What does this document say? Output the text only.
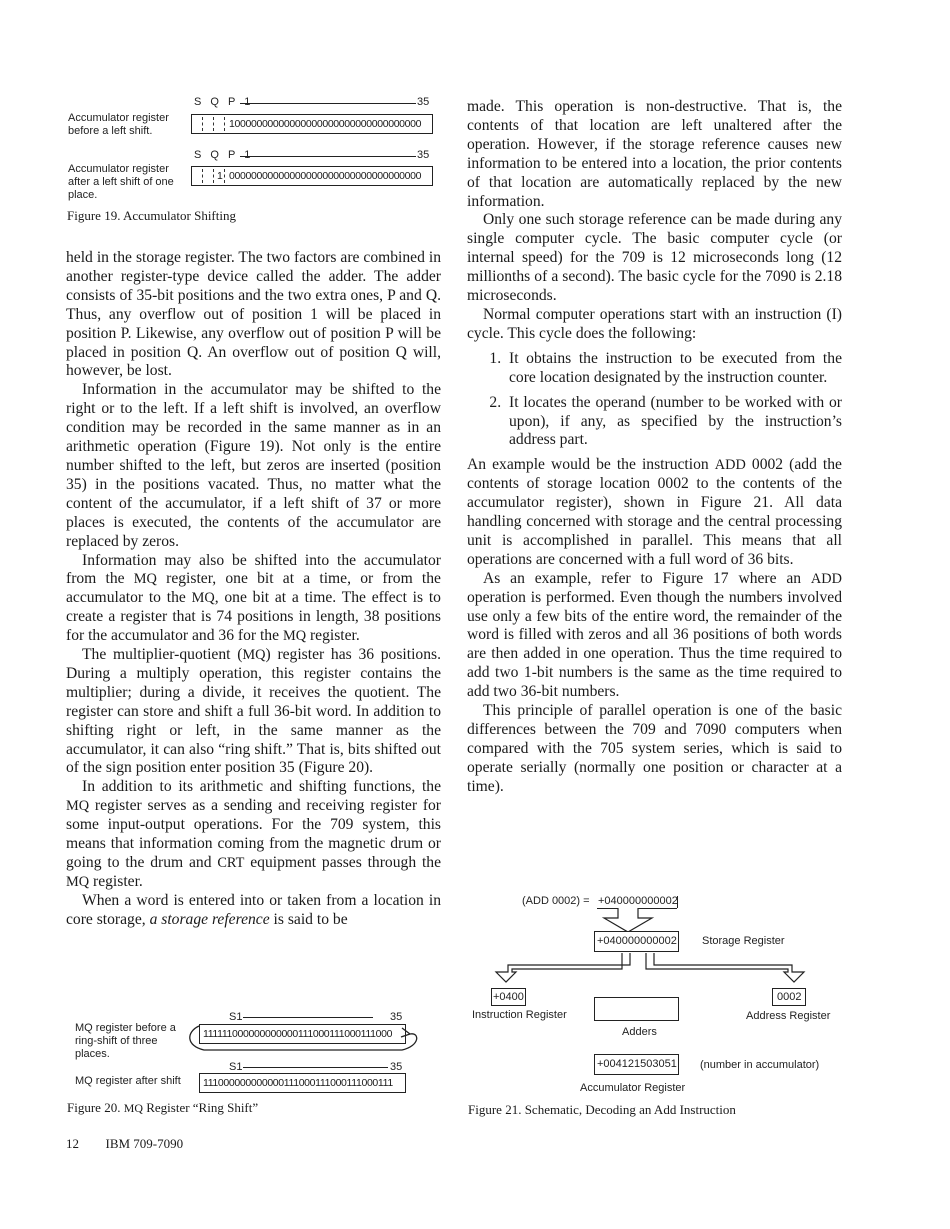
Accumulator register before a left shift.
Accumulator register after a left shift of one place.
S Q P 1	35
10000000000000000000000000000000000
S Q P 1	35
1 00000000000000000000000000000000000
Figure 19. Accumulator Shifting

held in the storage register. The two factors are combined in another register-type device called the adder. The adder consists of 35-bit positions and the two extra ones, P and Q. Thus, any overflow out of position 1 will be placed in position P. Likewise, any overflow out of position P will be placed in position Q. An overflow out of position Q will, however, be lost.

Information in the accumulator may be shifted to the right or to the left. If a left shift is involved, an overflow condition may be recorded in the same manner as in an arithmetic operation (Figure 19). Not only is the entire number shifted to the left, but zeros are inserted (position 35) in the positions vacated. Thus, no matter what the content of the accumulator, if a left shift of 37 or more places is executed, the contents of the accumulator are replaced by zeros.

Information may also be shifted into the accumulator from the MQ register, one bit at a time, or from the accumulator to the MQ, one bit at a time. The effect is to create a register that is 74 positions in length, 38 positions for the accumulator and 36 for the MQ register.

The multiplier-quotient (MQ) register has 36 positions. During a multiply operation, this register contains the multiplier; during a divide, it receives the quotient. The register can store and shift a full 36-bit word. In addition to shifting right or left, in the same manner as the accumulator, it can also “ring shift.” That is, bits shifted out of the sign position enter position 35 (Figure 20).

In addition to its arithmetic and shifting functions, the MQ register serves as a sending and receiving register for some input-output operations. For the 709 system, this means that information coming from the magnetic drum or going to the drum and CRT equipment passes through the MQ register.

When a word is entered into or taken from a location in core storage, a storage reference is said to be

S1	35
MQ register before a ring-shift of three places.
111111000000000000111000111000111000
S1	35
MQ register after shift 111000000000000111000111000111000111
Figure 20. MQ Register “Ring Shift”

made. This operation is non-destructive. That is, the contents of that location are left unaltered after the operation. However, if the storage reference causes new information to be entered into a location, the prior contents of that location are automatically replaced by the new information.

Only one such storage reference can be made during any single computer cycle. The basic computer cycle (or internal speed) for the 709 is 12 microseconds long (12 millionths of a second). The basic cycle for the 7090 is 2.18 microseconds.

Normal computer operations start with an instruction (I) cycle. This cycle does the following:

1. It obtains the instruction to be executed from the core location designated by the instruction counter.
2. It locates the operand (number to be worked with or upon), if any, as specified by the instruction’s address part.

An example would be the instruction ADD 0002 (add the contents of storage location 0002 to the contents of the accumulator register), shown in Figure 21. All data handling concerned with storage and the central processing unit is accomplished in parallel. This means that all operations are concerned with a full word of 36 bits.

As an example, refer to Figure 17 where an ADD operation is performed. Even though the numbers involved use only a few bits of the entire word, the remainder of the word is filled with zeros and all 36 positions of both words are then added in one operation. Thus the time required to add two 1-bit numbers is the same as the time required to add two 36-bit numbers.

This principle of parallel operation is one of the basic differences between the 709 and 7090 computers when compared with the 705 system series, which is said to operate serially (normally one position or character at a time).

(ADD 0002) = +040000000002
+040000000002 Storage Register
+0400
Instruction Register
0002
Address Register
Adders
+004121503051 (number in accumulator)
Accumulator Register
Figure 21. Schematic, Decoding an Add Instruction
12 IBM 709-7090
